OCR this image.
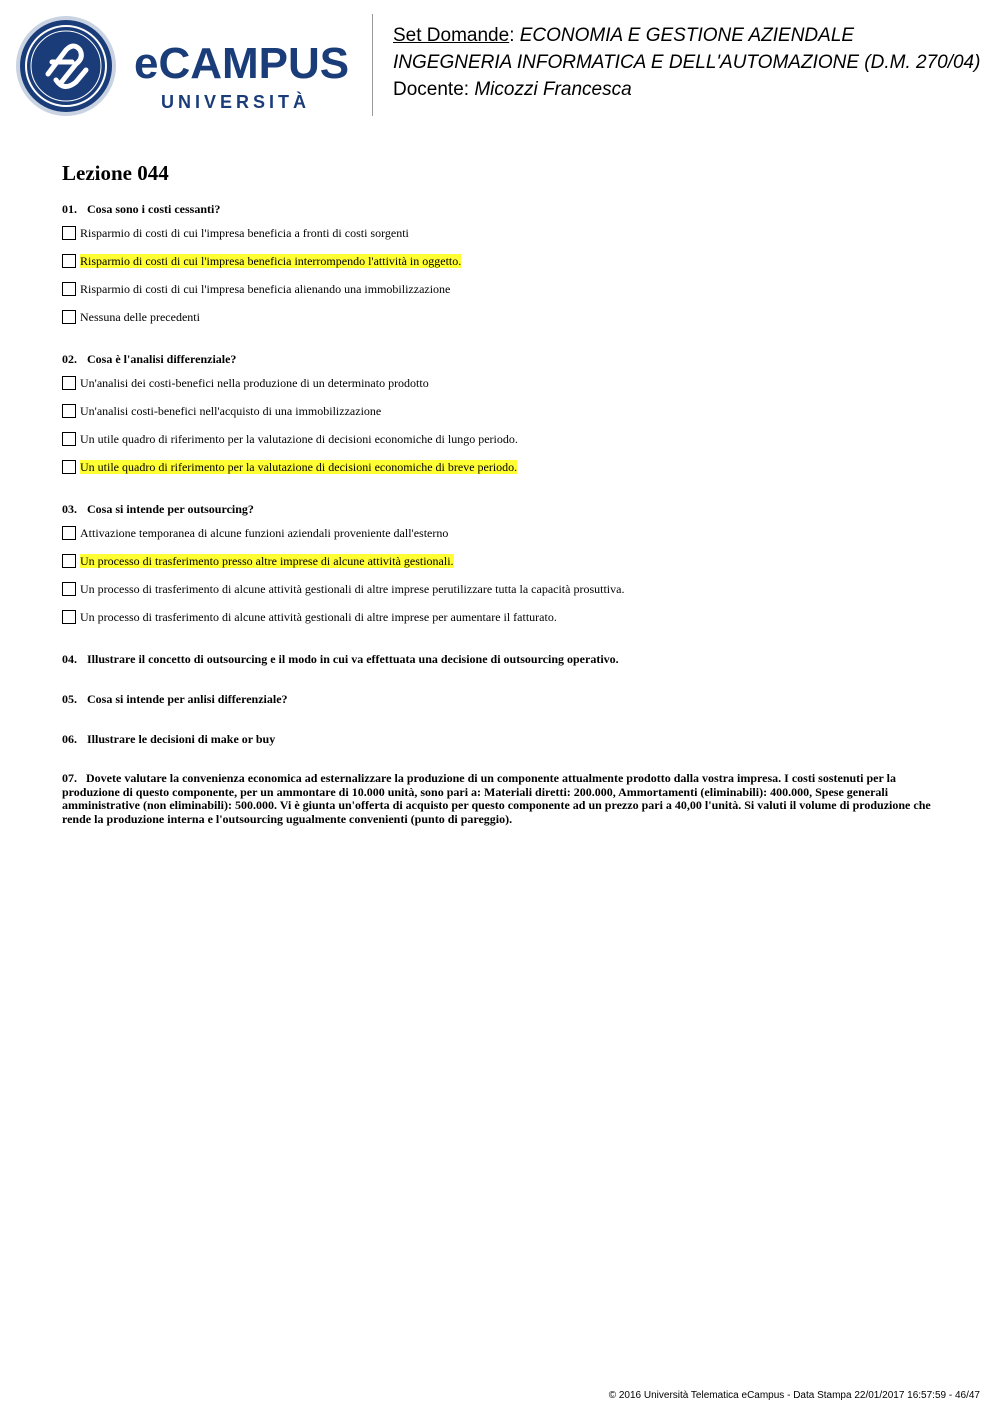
eCAMPUS
UNIVERSITÀ
Set Domande: ECONOMIA E GESTIONE AZIENDALE
INGEGNERIA INFORMATICA E DELL'AUTOMAZIONE (D.M. 270/04)
Docente: Micozzi Francesca
Lezione 044
01. Cosa sono i costi cessanti?
Risparmio di costi di cui l'impresa beneficia a fronti di costi sorgenti
Risparmio di costi di cui l'impresa beneficia interrompendo l'attività in oggetto.
Risparmio di costi di cui l'impresa beneficia alienando una immobilizzazione
Nessuna delle precedenti
02. Cosa è l'analisi differenziale?
Un'analisi dei costi-benefici nella produzione di un determinato prodotto
Un'analisi costi-benefici nell'acquisto di una immobilizzazione
Un utile quadro di riferimento per la valutazione di decisioni economiche di lungo periodo.
Un utile quadro di riferimento per la valutazione di decisioni economiche di breve periodo.
03. Cosa si intende per outsourcing?
Attivazione temporanea di alcune funzioni aziendali proveniente dall'esterno
Un processo di trasferimento presso altre imprese di alcune attività gestionali.
Un processo di trasferimento di alcune attività gestionali di altre imprese perutilizzare tutta la capacità prosuttiva.
Un processo di trasferimento di alcune attività gestionali di altre imprese per aumentare il fatturato.
04. Illustrare il concetto di outsourcing e il modo in cui va effettuata una decisione di outsourcing operativo.
05. Cosa si intende per anlisi differenziale?
06. Illustrare le decisioni di make or buy
07. Dovete valutare la convenienza economica ad esternalizzare la produzione di un componente attualmente prodotto dalla vostra impresa. I costi sostenuti per la produzione di questo componente, per un ammontare di 10.000 unità, sono pari a: Materiali diretti: 200.000, Ammortamenti (eliminabili): 400.000, Spese generali amministrative (non eliminabili): 500.000. Vi è giunta un'offerta di acquisto per questo componente ad un prezzo pari a 40,00 l'unità. Si valuti il volume di produzione che rende la produzione interna e l'outsourcing ugualmente convenienti (punto di pareggio).
© 2016 Università Telematica eCampus - Data Stampa 22/01/2017 16:57:59 - 46/47
